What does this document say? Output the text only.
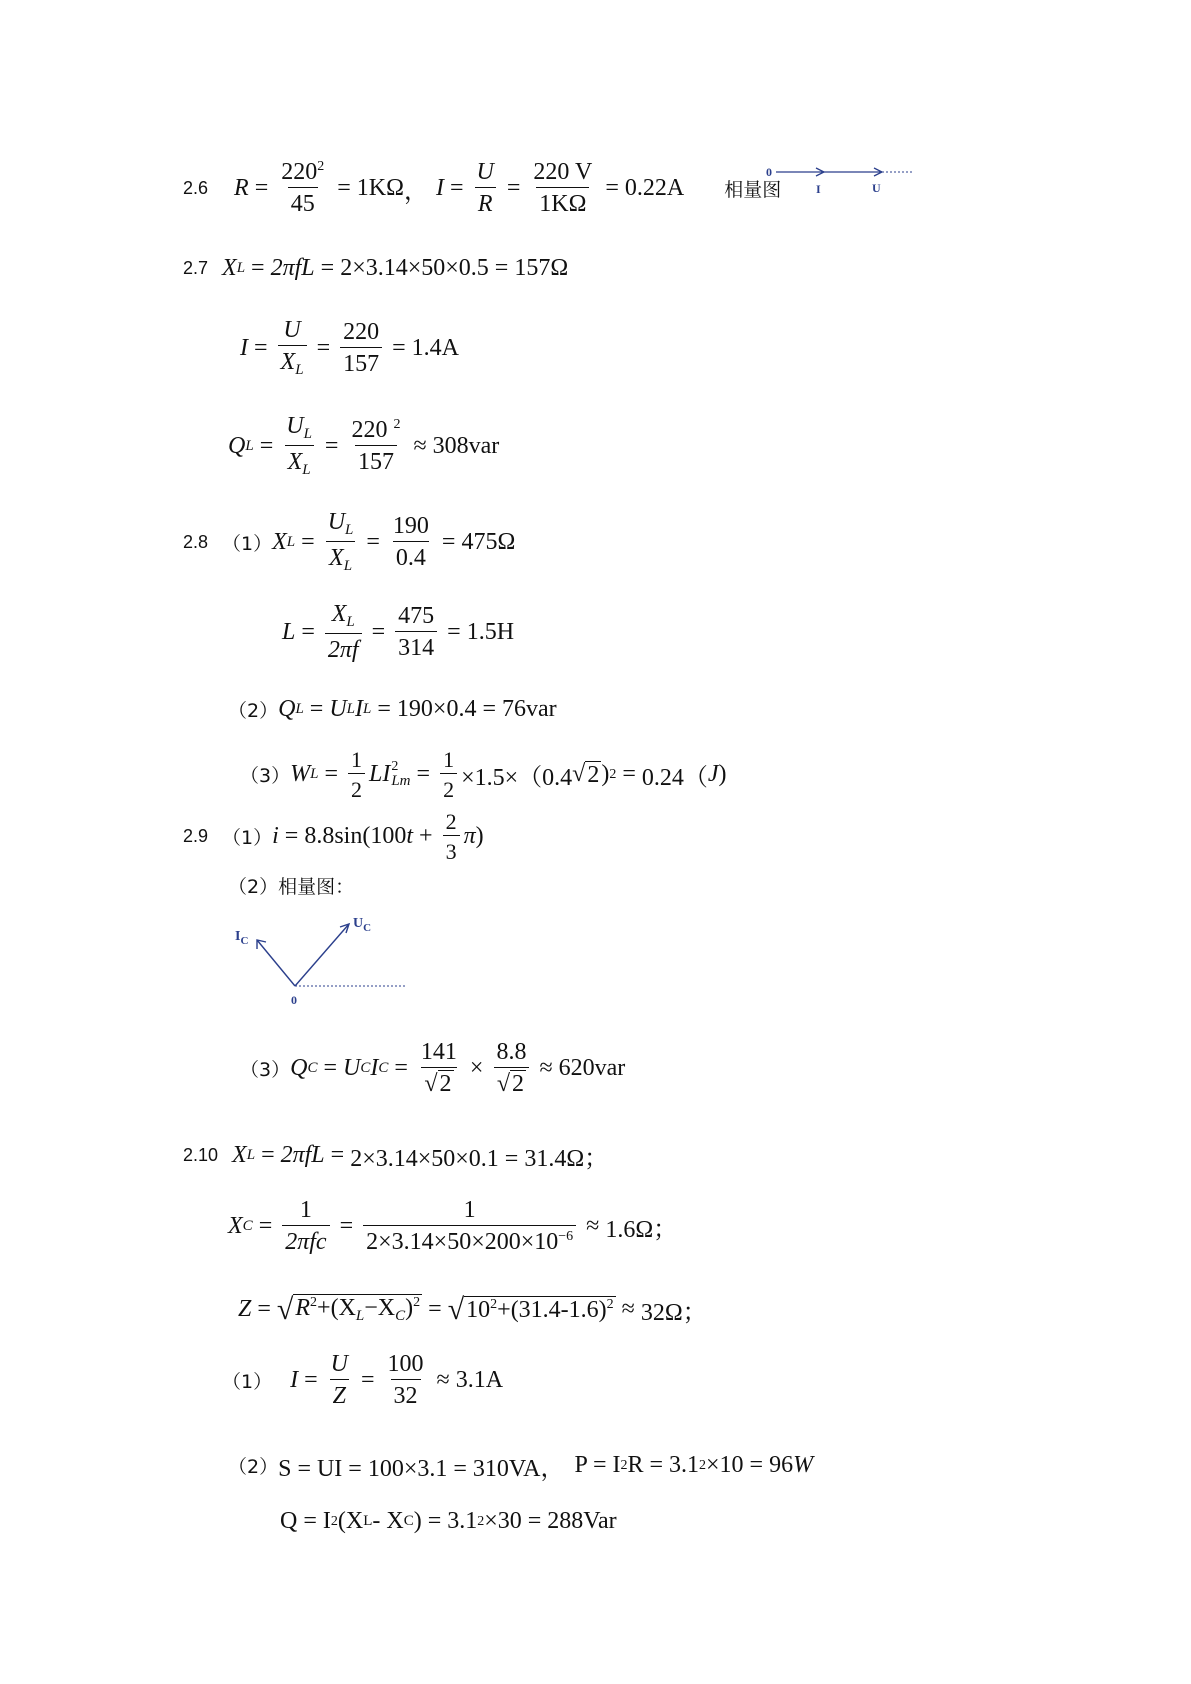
2.6 $R = \frac{220^2}{45} = 1K\Omega$ ， $I = \frac{U}{R} = \frac{220 V}{1K\Omega} = 0.22A$ 相量图
0
I	U
2.7 X L = 2πfL = 2×3.14×50×0.5 = 157Ω
$I = \frac{U}{X_L} = \frac{220}{157} = 1.4A$
Q $L = \frac{U_L}{X_L} = \frac{220 ^2}{157} \approx 308var$
2.8 （1） X $L = \frac{U_L}{X_L} = \frac{190}{0.4} = 475\Omega$
$L = \frac{X_L}{2\pi f} = \frac{475}{314} = 1.5H$
（2） Q L = U L I L = 190×0.4 = 76var
（3） W $L = \frac{1}{2}$ LI 2
$Lm = \frac{1}{2} \times 1.5\times(0.4$ √ 2 ) 2 = 0.24（ J )
2.9 （1） i = 8.8sin(100 $t + \frac{2}{3}$ π )
（2）相量图：
$U_C$
$I_C$
0
（3） Q C = U C I $C = \frac{141}{√2} \times \frac{8.8}{√2} \approx 620var$
2.10 X L = 2πfL = 2×3.14×50×0.1 = 31.4Ω；
X $C = \frac{1}{\text{2πfc}} = \frac{1}{2\times 3.14\times 50\times 200\times 10^{-6}} \approx 1.6\Omega$；
Z = √ $R^2+(X_L-X_C)^2$ = √ $10^2+(31.4-1.6)^2 \approx 32\Omega$；
（1） $I = \frac{U}{Z} = \frac{100}{32} \approx 3.1A$
（2） S = UI = 100×3.1 = 310VA， P = I 2 R = 3.1 2 ×10 = 96 W
Q = I 2 (X L - X C ) = 3.1 2 ×30 = 288Var
